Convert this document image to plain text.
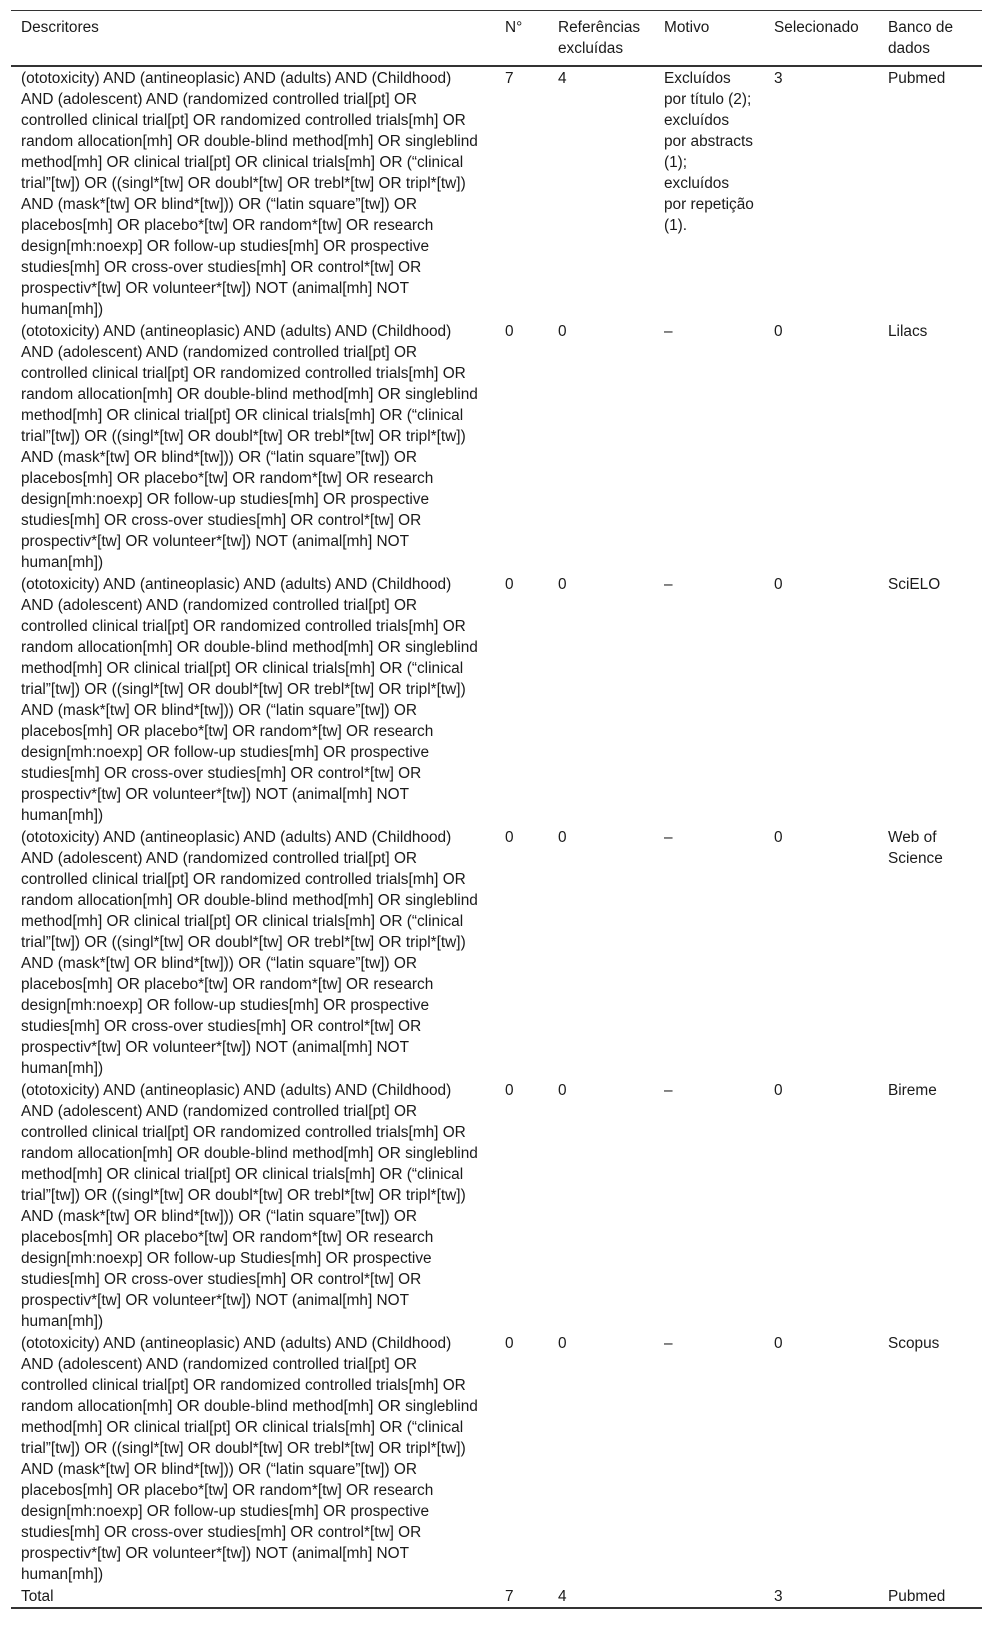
Descritores	N°	Referências excluídas	Motivo	Selecionado	Banco de dados
(ototoxicity) AND (antineoplasic) AND (adults) AND (Childhood) AND (adolescent) AND (randomized controlled trial[pt] OR controlled clinical trial[pt] OR randomized controlled trials[mh] OR random allocation[mh] OR double-blind method[mh] OR singleblind method[mh] OR clinical trial[pt] OR clinical trials[mh] OR (“clinical trial”[tw]) OR ((singl*[tw] OR doubl*[tw] OR trebl*[tw] OR tripl*[tw]) AND (mask*[tw] OR blind*[tw])) OR (“latin square”[tw]) OR placebos[mh] OR placebo*[tw] OR random*[tw] OR research design[mh:noexp] OR follow-up studies[mh] OR prospective studies[mh] OR cross-over studies[mh] OR control*[tw] OR prospectiv*[tw] OR volunteer*[tw]) NOT (animal[mh] NOT human[mh])	7	4	Excluídos por título (2); excluídos por abstracts (1); excluídos por repetição (1).	3	Pubmed
(ototoxicity) AND (antineoplasic) AND (adults) AND (Childhood) AND (adolescent) AND (randomized controlled trial[pt] OR controlled clinical trial[pt] OR randomized controlled trials[mh] OR random allocation[mh] OR double-blind method[mh] OR singleblind method[mh] OR clinical trial[pt] OR clinical trials[mh] OR (“clinical trial”[tw]) OR ((singl*[tw] OR doubl*[tw] OR trebl*[tw] OR tripl*[tw]) AND (mask*[tw] OR blind*[tw])) OR (“latin square”[tw]) OR placebos[mh] OR placebo*[tw] OR random*[tw] OR research design[mh:noexp] OR follow-up studies[mh] OR prospective studies[mh] OR cross-over studies[mh] OR control*[tw] OR prospectiv*[tw] OR volunteer*[tw]) NOT (animal[mh] NOT human[mh])	0	0	–	0	Lilacs
(ototoxicity) AND (antineoplasic) AND (adults) AND (Childhood) AND (adolescent) AND (randomized controlled trial[pt] OR controlled clinical trial[pt] OR randomized controlled trials[mh] OR random allocation[mh] OR double-blind method[mh] OR singleblind method[mh] OR clinical trial[pt] OR clinical trials[mh] OR (“clinical trial”[tw]) OR ((singl*[tw] OR doubl*[tw] OR trebl*[tw] OR tripl*[tw]) AND (mask*[tw] OR blind*[tw])) OR (“latin square”[tw]) OR placebos[mh] OR placebo*[tw] OR random*[tw] OR research design[mh:noexp] OR follow-up studies[mh] OR prospective studies[mh] OR cross-over studies[mh] OR control*[tw] OR prospectiv*[tw] OR volunteer*[tw]) NOT (animal[mh] NOT human[mh])	0	0	–	0	SciELO
(ototoxicity) AND (antineoplasic) AND (adults) AND (Childhood) AND (adolescent) AND (randomized controlled trial[pt] OR controlled clinical trial[pt] OR randomized controlled trials[mh] OR random allocation[mh] OR double-blind method[mh] OR singleblind method[mh] OR clinical trial[pt] OR clinical trials[mh] OR (“clinical trial”[tw]) OR ((singl*[tw] OR doubl*[tw] OR trebl*[tw] OR tripl*[tw]) AND (mask*[tw] OR blind*[tw])) OR (“latin square”[tw]) OR placebos[mh] OR placebo*[tw] OR random*[tw] OR research design[mh:noexp] OR follow-up studies[mh] OR prospective studies[mh] OR cross-over studies[mh] OR control*[tw] OR prospectiv*[tw] OR volunteer*[tw]) NOT (animal[mh] NOT human[mh])	0	0	–	0	Web of Science
(ototoxicity) AND (antineoplasic) AND (adults) AND (Childhood) AND (adolescent) AND (randomized controlled trial[pt] OR controlled clinical trial[pt] OR randomized controlled trials[mh] OR random allocation[mh] OR double-blind method[mh] OR singleblind method[mh] OR clinical trial[pt] OR clinical trials[mh] OR (“clinical trial”[tw]) OR ((singl*[tw] OR doubl*[tw] OR trebl*[tw] OR tripl*[tw]) AND (mask*[tw] OR blind*[tw])) OR (“latin square”[tw]) OR placebos[mh] OR placebo*[tw] OR random*[tw] OR research design[mh:noexp] OR follow-up Studies[mh] OR prospective studies[mh] OR cross-over studies[mh] OR control*[tw] OR prospectiv*[tw] OR volunteer*[tw]) NOT (animal[mh] NOT human[mh])	0	0	–	0	Bireme
(ototoxicity) AND (antineoplasic) AND (adults) AND (Childhood) AND (adolescent) AND (randomized controlled trial[pt] OR controlled clinical trial[pt] OR randomized controlled trials[mh] OR random allocation[mh] OR double-blind method[mh] OR singleblind method[mh] OR clinical trial[pt] OR clinical trials[mh] OR (“clinical trial”[tw]) OR ((singl*[tw] OR doubl*[tw] OR trebl*[tw] OR tripl*[tw]) AND (mask*[tw] OR blind*[tw])) OR (“latin square”[tw]) OR placebos[mh] OR placebo*[tw] OR random*[tw] OR research design[mh:noexp] OR follow-up studies[mh] OR prospective studies[mh] OR cross-over studies[mh] OR control*[tw] OR prospectiv*[tw] OR volunteer*[tw]) NOT (animal[mh] NOT human[mh])	0	0	–	0	Scopus
Total	7	4		3	Pubmed
